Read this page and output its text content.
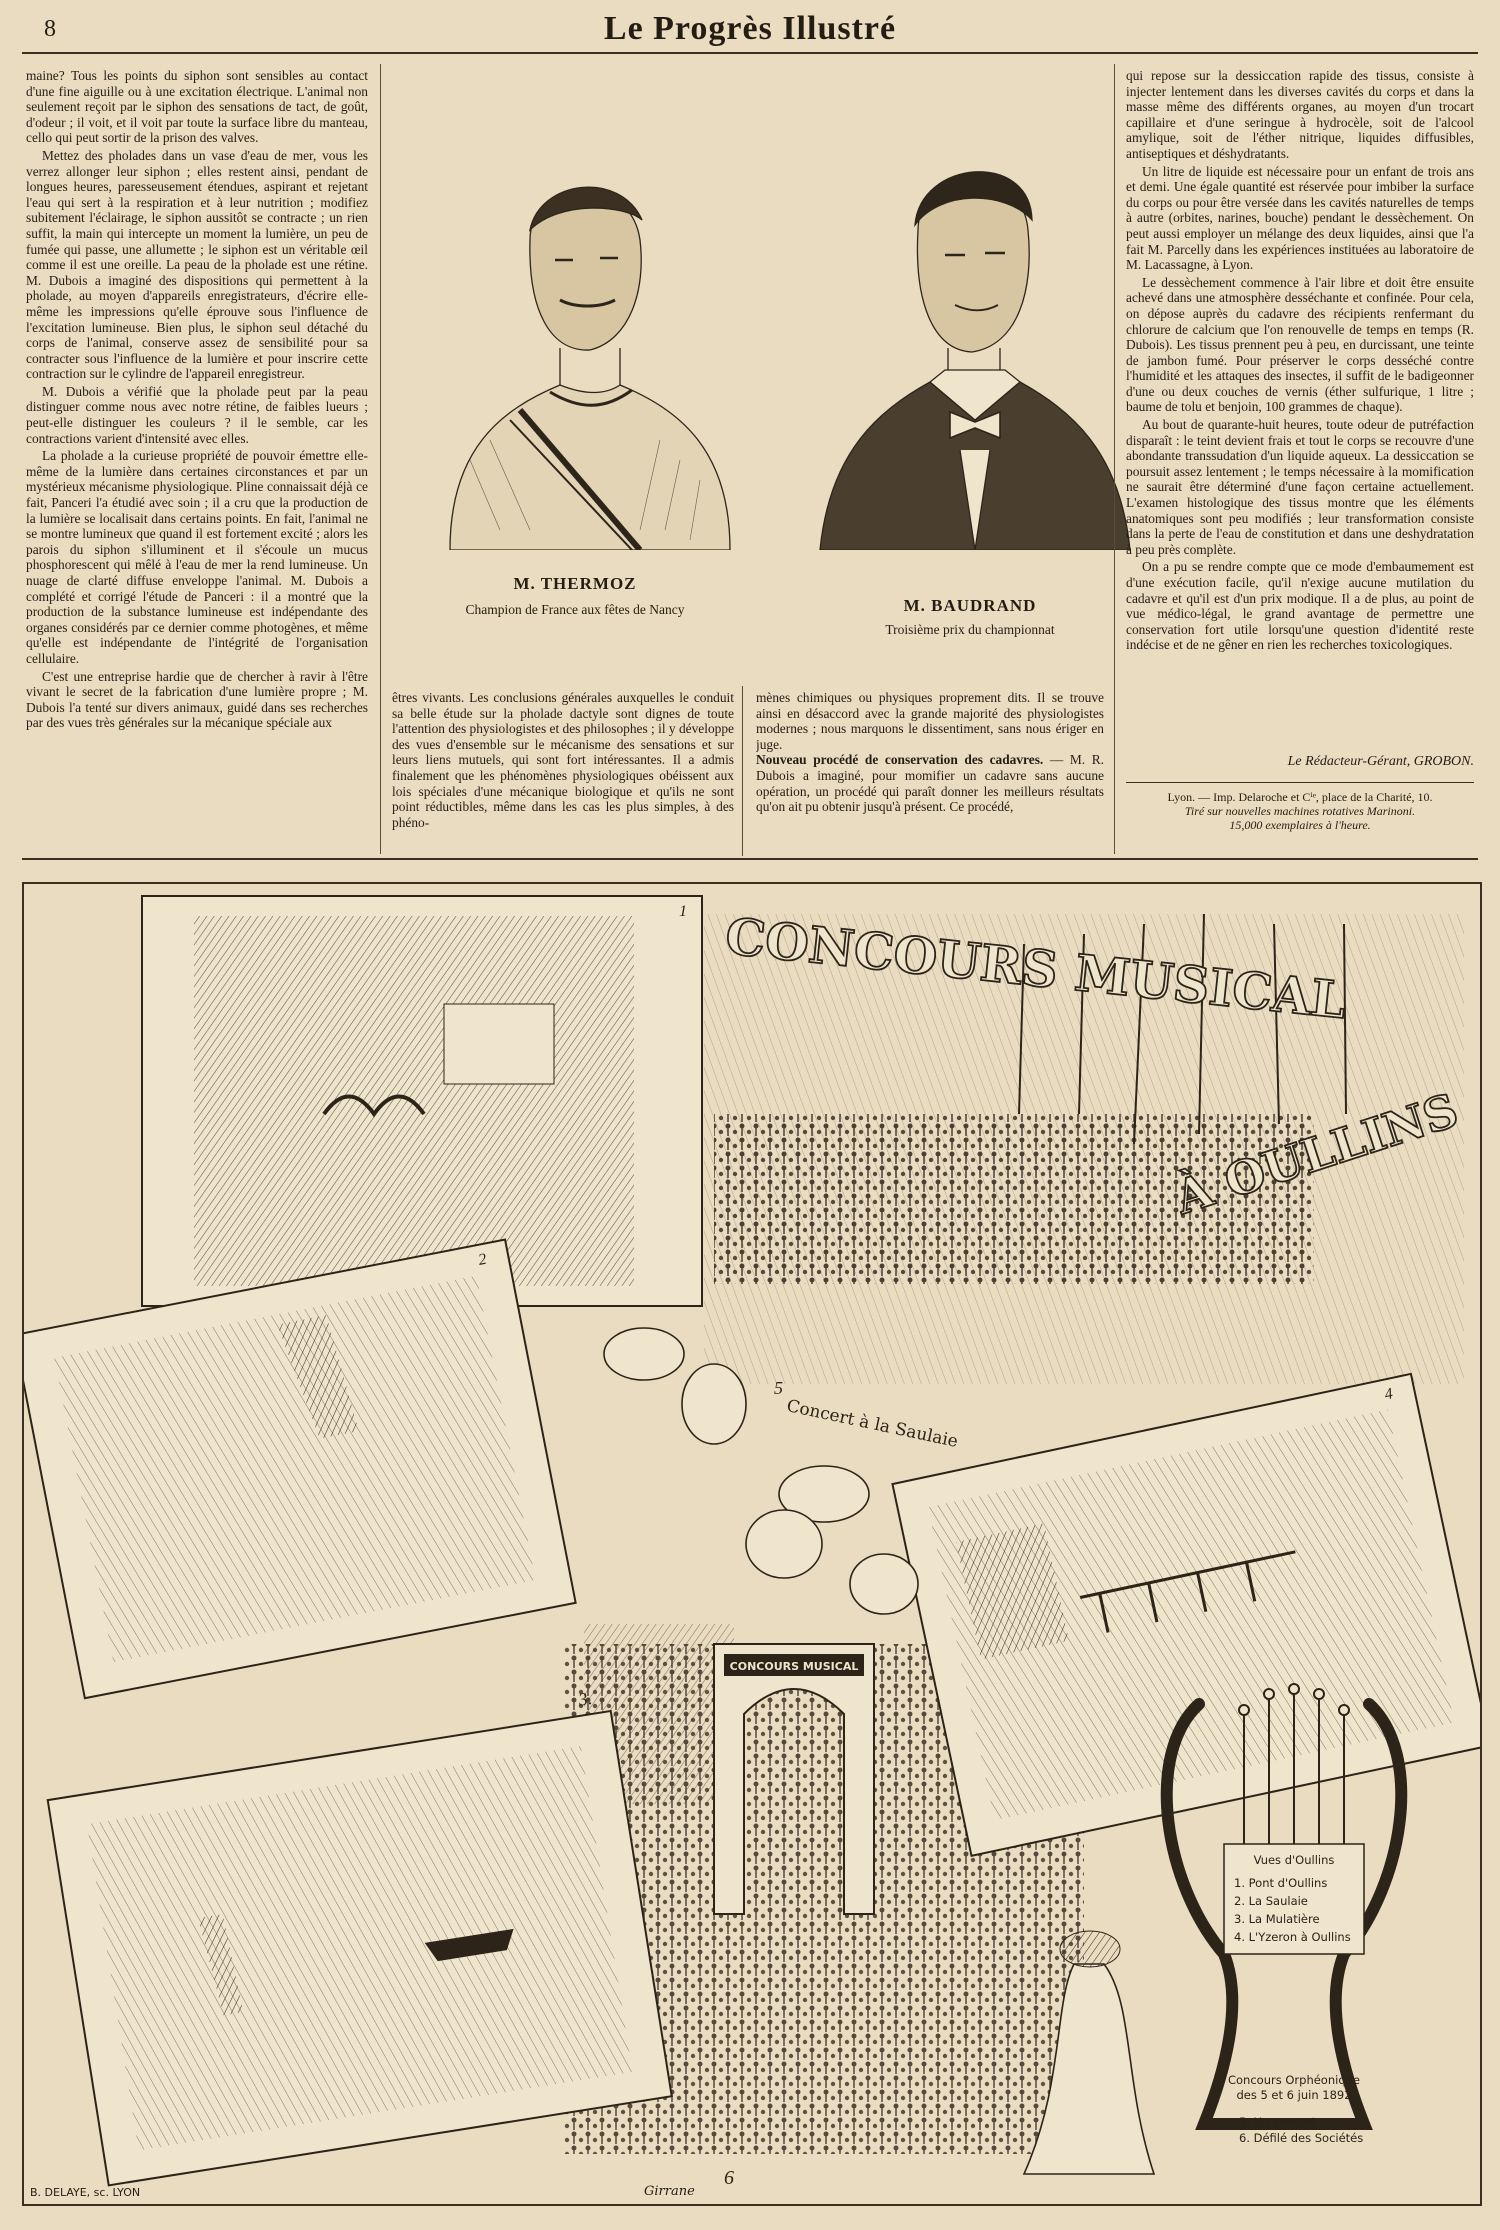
8	Le Progrès Illustré

maine? Tous les points du siphon sont sensibles au contact d'une fine aiguille ou à une excitation électrique. L'animal non seulement reçoit par le siphon des sensations de tact, de goût, d'odeur ; il voit, et il voit par toute la surface libre du manteau, cello qui peut sortir de la prison des valves.

Mettez des pholades dans un vase d'eau de mer, vous les verrez allonger leur siphon ; elles restent ainsi, pendant de longues heures, paresseusement étendues, aspirant et rejetant l'eau qui sert à la respiration et à leur nutrition ; modifiez subitement l'éclairage, le siphon aussitôt se contracte ; un rien suffit, la main qui intercepte un moment la lumière, un peu de fumée qui passe, une allumette ; le siphon est un véritable œil comme il est une oreille. La peau de la pholade est une rétine. M. Dubois a imaginé des dispositions qui permettent à la pholade, au moyen d'appareils enregistrateurs, d'écrire elle-même les impressions qu'elle éprouve sous l'influence de l'excitation lumineuse. Bien plus, le siphon seul détaché du corps de l'animal, conserve assez de sensibilité pour sa contracter sous l'influence de la lumière et pour inscrire cette contraction sur le cylindre de l'appareil enregistreur.

M. Dubois a vérifié que la pholade peut par la peau distinguer comme nous avec notre rétine, de faibles lueurs ; peut-elle distinguer les couleurs ? il le semble, car les contractions varient d'intensité avec elles.

La pholade a la curieuse propriété de pouvoir émettre elle-même de la lumière dans certaines circonstances et par un mystérieux mécanisme physiologique. Pline connaissait déjà ce fait, Panceri l'a étudié avec soin ; il a cru que la production de la lumière se localisait dans certains points. En fait, l'animal ne se montre lumineux que quand il est fortement excité ; alors les parois du siphon s'illuminent et il s'écoule un mucus phosphorescent qui mêlé à l'eau de mer la rend lumineuse. Un nuage de clarté diffuse enveloppe l'animal. M. Dubois a complété et corrigé l'étude de Panceri : il a montré que la production de la substance lumineuse est indépendante des organes considérés par ce dernier comme photogènes, et même qu'elle est indépendante de l'intégrité de l'organisation cellulaire.

C'est une entreprise hardie que de chercher à ravir à l'être vivant le secret de la fabrication d'une lumière propre ; M. Dubois l'a tenté sur divers animaux, guidé dans ses recherches par des vues très générales sur la mécanique spéciale aux

M. THERMOZ
Champion de France aux fêtes de Nancy	M. BAUDRAND
Troisième prix du championnat

êtres vivants. Les conclusions générales auxquelles le conduit sa belle étude sur la pholade dactyle sont dignes de toute l'attention des physiologistes et des philosophes ; il y développe des vues d'ensemble sur le mécanisme des sensations et sur leurs liens mutuels, qui sont fort intéressantes. Il a admis finalement que les phénomènes physiologiques obéissent aux lois spéciales d'une mécanique biologique et qu'ils ne sont point réductibles, même dans les cas les plus simples, à des phéno-

mènes chimiques ou physiques proprement dits. Il se trouve ainsi en désaccord avec la grande majorité des physiologistes modernes ; nous marquons le dissentiment, sans nous ériger en juge.
Nouveau procédé de conservation des cadavres. — M. R. Dubois a imaginé, pour momifier un cadavre sans aucune opération, un procédé qui paraît donner les meilleurs résultats qu'on ait pu obtenir jusqu'à présent. Ce procédé,

qui repose sur la dessiccation rapide des tissus, consiste à injecter lentement dans les diverses cavités du corps et dans la masse même des différents organes, au moyen d'un trocart capillaire et d'une seringue à hydrocèle, soit de l'alcool amylique, soit de l'éther nitrique, liquides diffusibles, antiseptiques et déshydratants.

Un litre de liquide est nécessaire pour un enfant de trois ans et demi. Une égale quantité est réservée pour imbiber la surface du corps ou pour être versée dans les cavités naturelles de temps à autre (orbites, narines, bouche) pendant le dessèchement. On peut aussi employer un mélange des deux liquides, ainsi que l'a fait M. Parcelly dans les expériences instituées au laboratoire de M. Lacassagne, à Lyon.

Le dessèchement commence à l'air libre et doit être ensuite achevé dans une atmosphère desséchante et confinée. Pour cela, on dépose auprès du cadavre des récipients renfermant du chlorure de calcium que l'on renouvelle de temps en temps (R. Dubois). Les tissus prennent peu à peu, en durcissant, une teinte de jambon fumé. Pour préserver le corps desséché contre l'humidité et les attaques des insectes, il suffit de le badigeonner d'une ou deux couches de vernis (éther sulfurique, 1 litre ; baume de tolu et benjoin, 100 grammes de chaque).

Au bout de quarante-huit heures, toute odeur de putréfaction disparaît : le teint devient frais et tout le corps se recouvre d'une abondante transsudation d'un liquide aqueux. La dessiccation se poursuit assez lentement ; le temps nécessaire à la momification ne saurait être déterminé d'une façon certaine actuellement. L'examen histologique des tissus montre que les éléments anatomiques sont peu modifiés ; leur transformation consiste dans la perte de l'eau de constitution et dans une deshydratation à peu près complète.

On a pu se rendre compte que ce mode d'embaumement est d'une exécution facile, qu'il n'exige aucune mutilation du cadavre et qu'il est d'un prix modique. Il a de plus, au point de vue médico-légal, le grand avantage de permettre une conservation fort utile lorsqu'une question d'identité reste indécise et de ne gêner en rien les recherches toxicologiques.

Le Rédacteur-Gérant, GROBON.
Lyon. — Imp. Delaroche et Cⁱᵉ, place de la Charité, 10.
Tiré sur nouvelles machines rotatives Marinoni.
15,000 exemplaires à l'heure.
CONCOURS MUSICAL
À OULLINS
1
2
3.
4
5
Concert à la Saulaie
CONCOURS MUSICAL
6
Vues d'Oullins
1. Pont d'Oullins
2. La Saulaie
3. La Mulatière
4. L'Yzeron à Oullins
Concours Orphéonique
des 5 et 6 juin 1892
5. Un concert
6. Défilé des Sociétés
B. DELAYE, sc. LYON	Girrane
